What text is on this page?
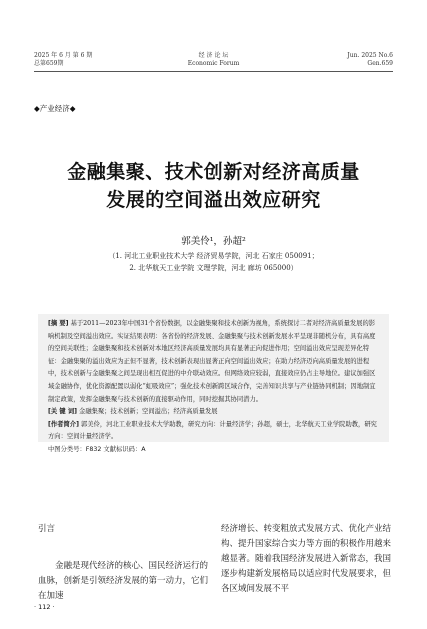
2025 年 6 月 第 6 期
总第659期
经 济 论 坛
Economic Forum
Jun. 2025 No.6
Gen.659
◆产业经济◆
金融集聚、技术创新对经济高质量
发展的空间溢出效应研究
郭美伶¹，孙超²
（1. 河北工业职业技术大学 经济贸易学院，河北 石家庄 050091；
2. 北华航天工业学院 文理学院，河北 廊坊 065000）

[摘 要] 基于2011—2023年中国31个省份数据，以金融集聚和技术创新为视角，系统探讨二者对经济高质量发展的影响机制及空间溢出效应。实证结果表明：各省份的经济发展、金融集聚与技术创新发展水平呈现非随机分布，具有高度的空间关联性；金融集聚和技术创新对本地区经济高质量发展均具有显著正向促进作用；空间溢出效应呈现差异化特征：金融集聚的溢出效应为正但不显著，技术创新表现出显著正向空间溢出效应；在助力经济迈向高质量发展的进程中，技术创新与金融集聚之间呈现出相互促进的中介联动效应。但网络效应较弱，直接效应仍占主导地位。建议加强区域金融协作，优化资源配置以弱化“虹吸效应”；强化技术创新跨区域合作，完善知识共享与产业链协同机制；因地制宜制定政策，发挥金融集聚与技术创新的直接驱动作用，同时挖掘其协同潜力。

[关 键 词] 金融集聚；技术创新；空间溢出；经济高质量发展

[作者简介] 郭美伶，河北工业职业技术大学助教，研究方向：计量经济学；孙超，硕士，北华航天工业学院助教，研究方向：空间计量经济学。

中图分类号：F832 文献标识码：A

引言

金融是现代经济的核心、国民经济运行的血脉，创新是引领经济发展的第一动力，它们在加速

经济增长、转变粗放式发展方式、优化产业结构、提升国家综合实力等方面的积极作用越来越显著。随着我国经济发展进入新常态，我国逐步构建新发展格局以适应时代发展要求，但各区域间发展不平

· 112 ·
